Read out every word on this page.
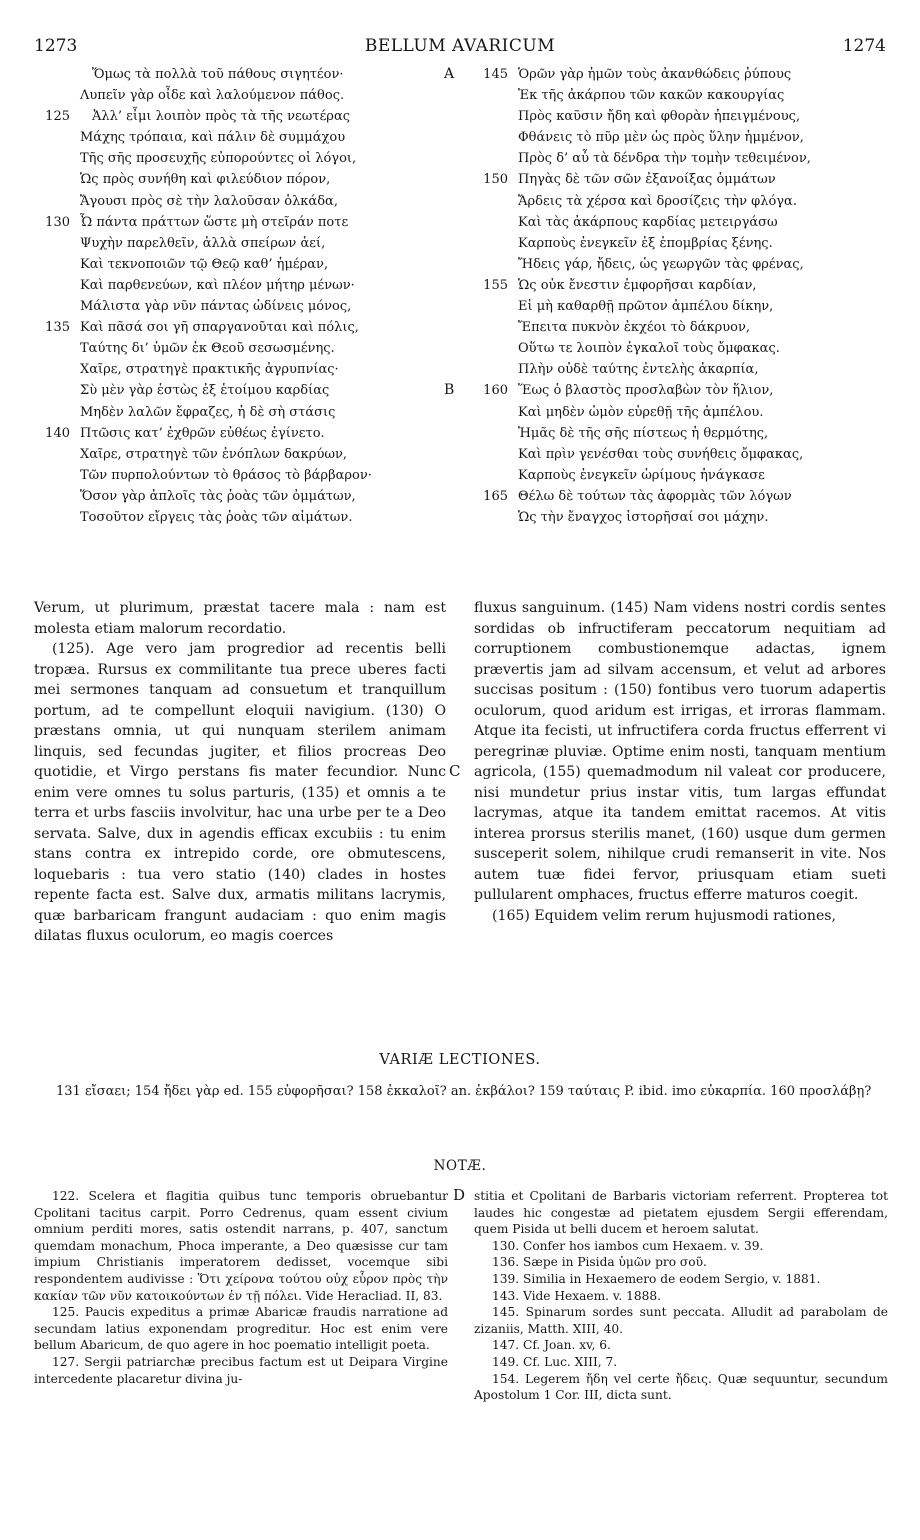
1273	BELLUM AVARICUM	1274
Ὅμως τὰ πολλὰ τοῦ πάθους σιγητέον·
Λυπεῖν γὰρ οἶδε καὶ λαλούμενον πάθος.
125 Ἀλλ’ εἶμι λοιπὸν πρὸς τὰ τῆς νεωτέρας
Μάχης τρόπαια, καὶ πάλιν δὲ συμμάχου
Τῆς σῆς προσευχῆς εὐπορούντες οἱ λόγοι,
Ὡς πρὸς συνήθη καὶ φιλεύδιον πόρον,
Ἄγουσι πρὸς σὲ τὴν λαλοῦσαν ὁλκάδα,
130 Ὦ πάντα πράττων ὥστε μὴ στεῖράν ποτε
Ψυχὴν παρελθεῖν, ἀλλὰ σπείρων ἀεί,
Καὶ τεκνοποιῶν τῷ Θεῷ καθ’ ἡμέραν,
Καὶ παρθενεύων, καὶ πλέον μήτηρ μένων·
Μάλιστα γὰρ νῦν πάντας ὠδίνεις μόνος,
135 Καὶ πᾶσά σοι γῆ σπαργανοῦται καὶ πόλις,
Ταύτης δι’ ὑμῶν ἐκ Θεοῦ σεσωσμένης.
Χαῖρε, στρατηγὲ πρακτικῆς ἀγρυπνίας·
Σὺ μὲν γὰρ ἑστὼς ἐξ ἑτοίμου καρδίας
Μηδὲν λαλῶν ἔφραζες, ἡ δὲ σὴ στάσις
140 Πτῶσις κατ’ ἐχθρῶν εὐθέως ἐγίνετο.
Χαῖρε, στρατηγὲ τῶν ἐνόπλων δακρύων,
Τῶν πυρπολούντων τὸ θράσος τὸ βάρβαρον·
Ὅσον γὰρ ἁπλοῖς τὰς ῥοὰς τῶν ὀμμάτων,
Τοσοῦτον εἴργεις τὰς ῥοὰς τῶν αἱμάτων.
A	145 Ὁρῶν γὰρ ἡμῶν τοὺς ἀκανθώδεις ῥύπους
Ἐκ τῆς ἀκάρπου τῶν κακῶν κακουργίας
Πρὸς καῦσιν ἤδη καὶ φθορὰν ἠπειγμένους,
Φθάνεις τὸ πῦρ μὲν ὡς πρὸς ὕλην ἡμμένον,
Πρὸς δ’ αὖ τὰ δένδρα τὴν τομὴν τεθειμένον,
150 Πηγὰς δὲ τῶν σῶν ἐξανοίξας ὀμμάτων
Ἄρδεις τὰ χέρσα καὶ δροσίζεις τὴν φλόγα.
Καὶ τὰς ἀκάρπους καρδίας μετειργάσω
Καρποὺς ἐνεγκεῖν ἐξ ἐπομβρίας ξένης.
Ἤδεις γάρ, ἤδεις, ὡς γεωργῶν τὰς φρένας,
155 Ὡς οὐκ ἔνεστιν ἐμφορῆσαι καρδίαν,
Εἰ μὴ καθαρθῇ πρῶτον ἀμπέλου δίκην,
Ἔπειτα πυκνὸν ἐκχέοι τὸ δάκρυον,
Οὕτω τε λοιπὸν ἐγκαλοῖ τοὺς ὄμφακας.
Πλὴν οὐδὲ ταύτης ἐντελὴς ἀκαρπία,
B	160 Ἕως ὁ βλαστὸς προσλαβὼν τὸν ἥλιον,
Καὶ μηδὲν ὠμὸν εὑρεθῇ τῆς ἀμπέλου.
Ἡμᾶς δὲ τῆς σῆς πίστεως ἡ θερμότης,
Καὶ πρὶν γενέσθαι τοὺς συνήθεις ὄμφακας,
Καρποὺς ἐνεγκεῖν ὡρίμους ἠνάγκασε
165 Θέλω δὲ τούτων τὰς ἀφορμὰς τῶν λόγων
Ὡς τὴν ἔναγχος ἱστορῆσαί σοι μάχην.

Verum, ut plurimum, præstat tacere mala : nam est molesta etiam malorum recordatio.

(125). Age vero jam progredior ad recentis belli tropæa. Rursus ex commilitante tua prece uberes facti mei sermones tanquam ad consuetum et tranquillum portum, ad te compellunt eloquii navigium. (130) O præstans omnia, ut qui nunquam sterilem animam linquis, sed fecundas jugiter, et filios procreas Deo quotidie, et Virgo perstans fis mater fecundior. Nunc enim vere omnes tu solus parturis, (135) et omnis a te terra et urbs fasciis involvitur, hac una urbe per te a Deo servata. Salve, dux in agendis efficax excubiis : tu enim stans contra ex intrepido corde, ore obmutescens, loquebaris : tua vero statio (140) clades in hostes repente facta est. Salve dux, armatis militans lacrymis, quæ barbaricam frangunt audaciam : quo enim magis dilatas fluxus oculorum, eo magis coerces

C

fluxus sanguinum. (145) Nam videns nostri cordis sentes sordidas ob infructiferam peccatorum nequitiam ad corruptionem combustionemque adactas, ignem prævertis jam ad silvam accensum, et velut ad arbores succisas positum : (150) fontibus vero tuorum adapertis oculorum, quod aridum est irrigas, et irroras flammam. Atque ita fecisti, ut infructifera corda fructus efferrent vi peregrinæ pluviæ. Optime enim nosti, tanquam mentium agricola, (155) quemadmodum nil valeat cor producere, nisi mundetur prius instar vitis, tum largas effundat lacrymas, atque ita tandem emittat racemos. At vitis interea prorsus sterilis manet, (160) usque dum germen susceperit solem, nihilque crudi remanserit in vite. Nos autem tuæ fidei fervor, priusquam etiam sueti pullularent omphaces, fructus efferre maturos coegit.

(165) Equidem velim rerum hujusmodi rationes,

VARIÆ LECTIONES.
131 εἴσαει; 154 ἤδει γὰρ ed. 155 εὐφορῆσαι? 158 ἐκκαλοῖ? an. ἐκβάλοι? 159 ταύταις P. ibid. imo εὐκαρπία. 160 προσλάβῃ?
NOTÆ.

122. Scelera et flagitia quibus tunc temporis obruebantur Cpolitani tacitus carpit. Porro Cedrenus, quam essent civium omnium perditi mores, satis ostendit narrans, p. 407, sanctum quemdam monachum, Phoca imperante, a Deo quæsisse cur tam impium Christianis imperatorem dedisset, vocemque sibi respondentem audivisse : Ὅτι χείρονα τούτου οὐχ εὗρον πρὸς τὴν κακίαν τῶν νῦν κατοικούντων ἐν τῇ πόλει. Vide Heracliad. II, 83.

125. Paucis expeditus a primæ Abaricæ fraudis narratione ad secundam latius exponendam progreditur. Hoc est enim vere bellum Abaricum, de quo agere in hoc poematio intelligit poeta.

127. Sergii patriarchæ precibus factum est ut Deipara Virgine intercedente placaretur divina ju-

D stitia et Cpolitani de Barbaris victoriam referrent. Propterea tot laudes hic congestæ ad pietatem ejusdem Sergii efferendam, quem Pisida ut belli ducem et heroem salutat.

130. Confer hos iambos cum Hexaem. v. 39.

136. Sæpe in Pisida ὑμῶν pro σοῦ.

139. Similia in Hexaemero de eodem Sergio, v. 1881.

143. Vide Hexaem. v. 1888.

145. Spinarum sordes sunt peccata. Alludit ad parabolam de zizaniis, Matth. XIII, 40.

147. Cf. Joan. xv, 6.

149. Cf. Luc. XIII, 7.

154. Legerem ἤδη vel certe ἤδεις. Quæ sequuntur, secundum Apostolum 1 Cor. III, dicta sunt.
